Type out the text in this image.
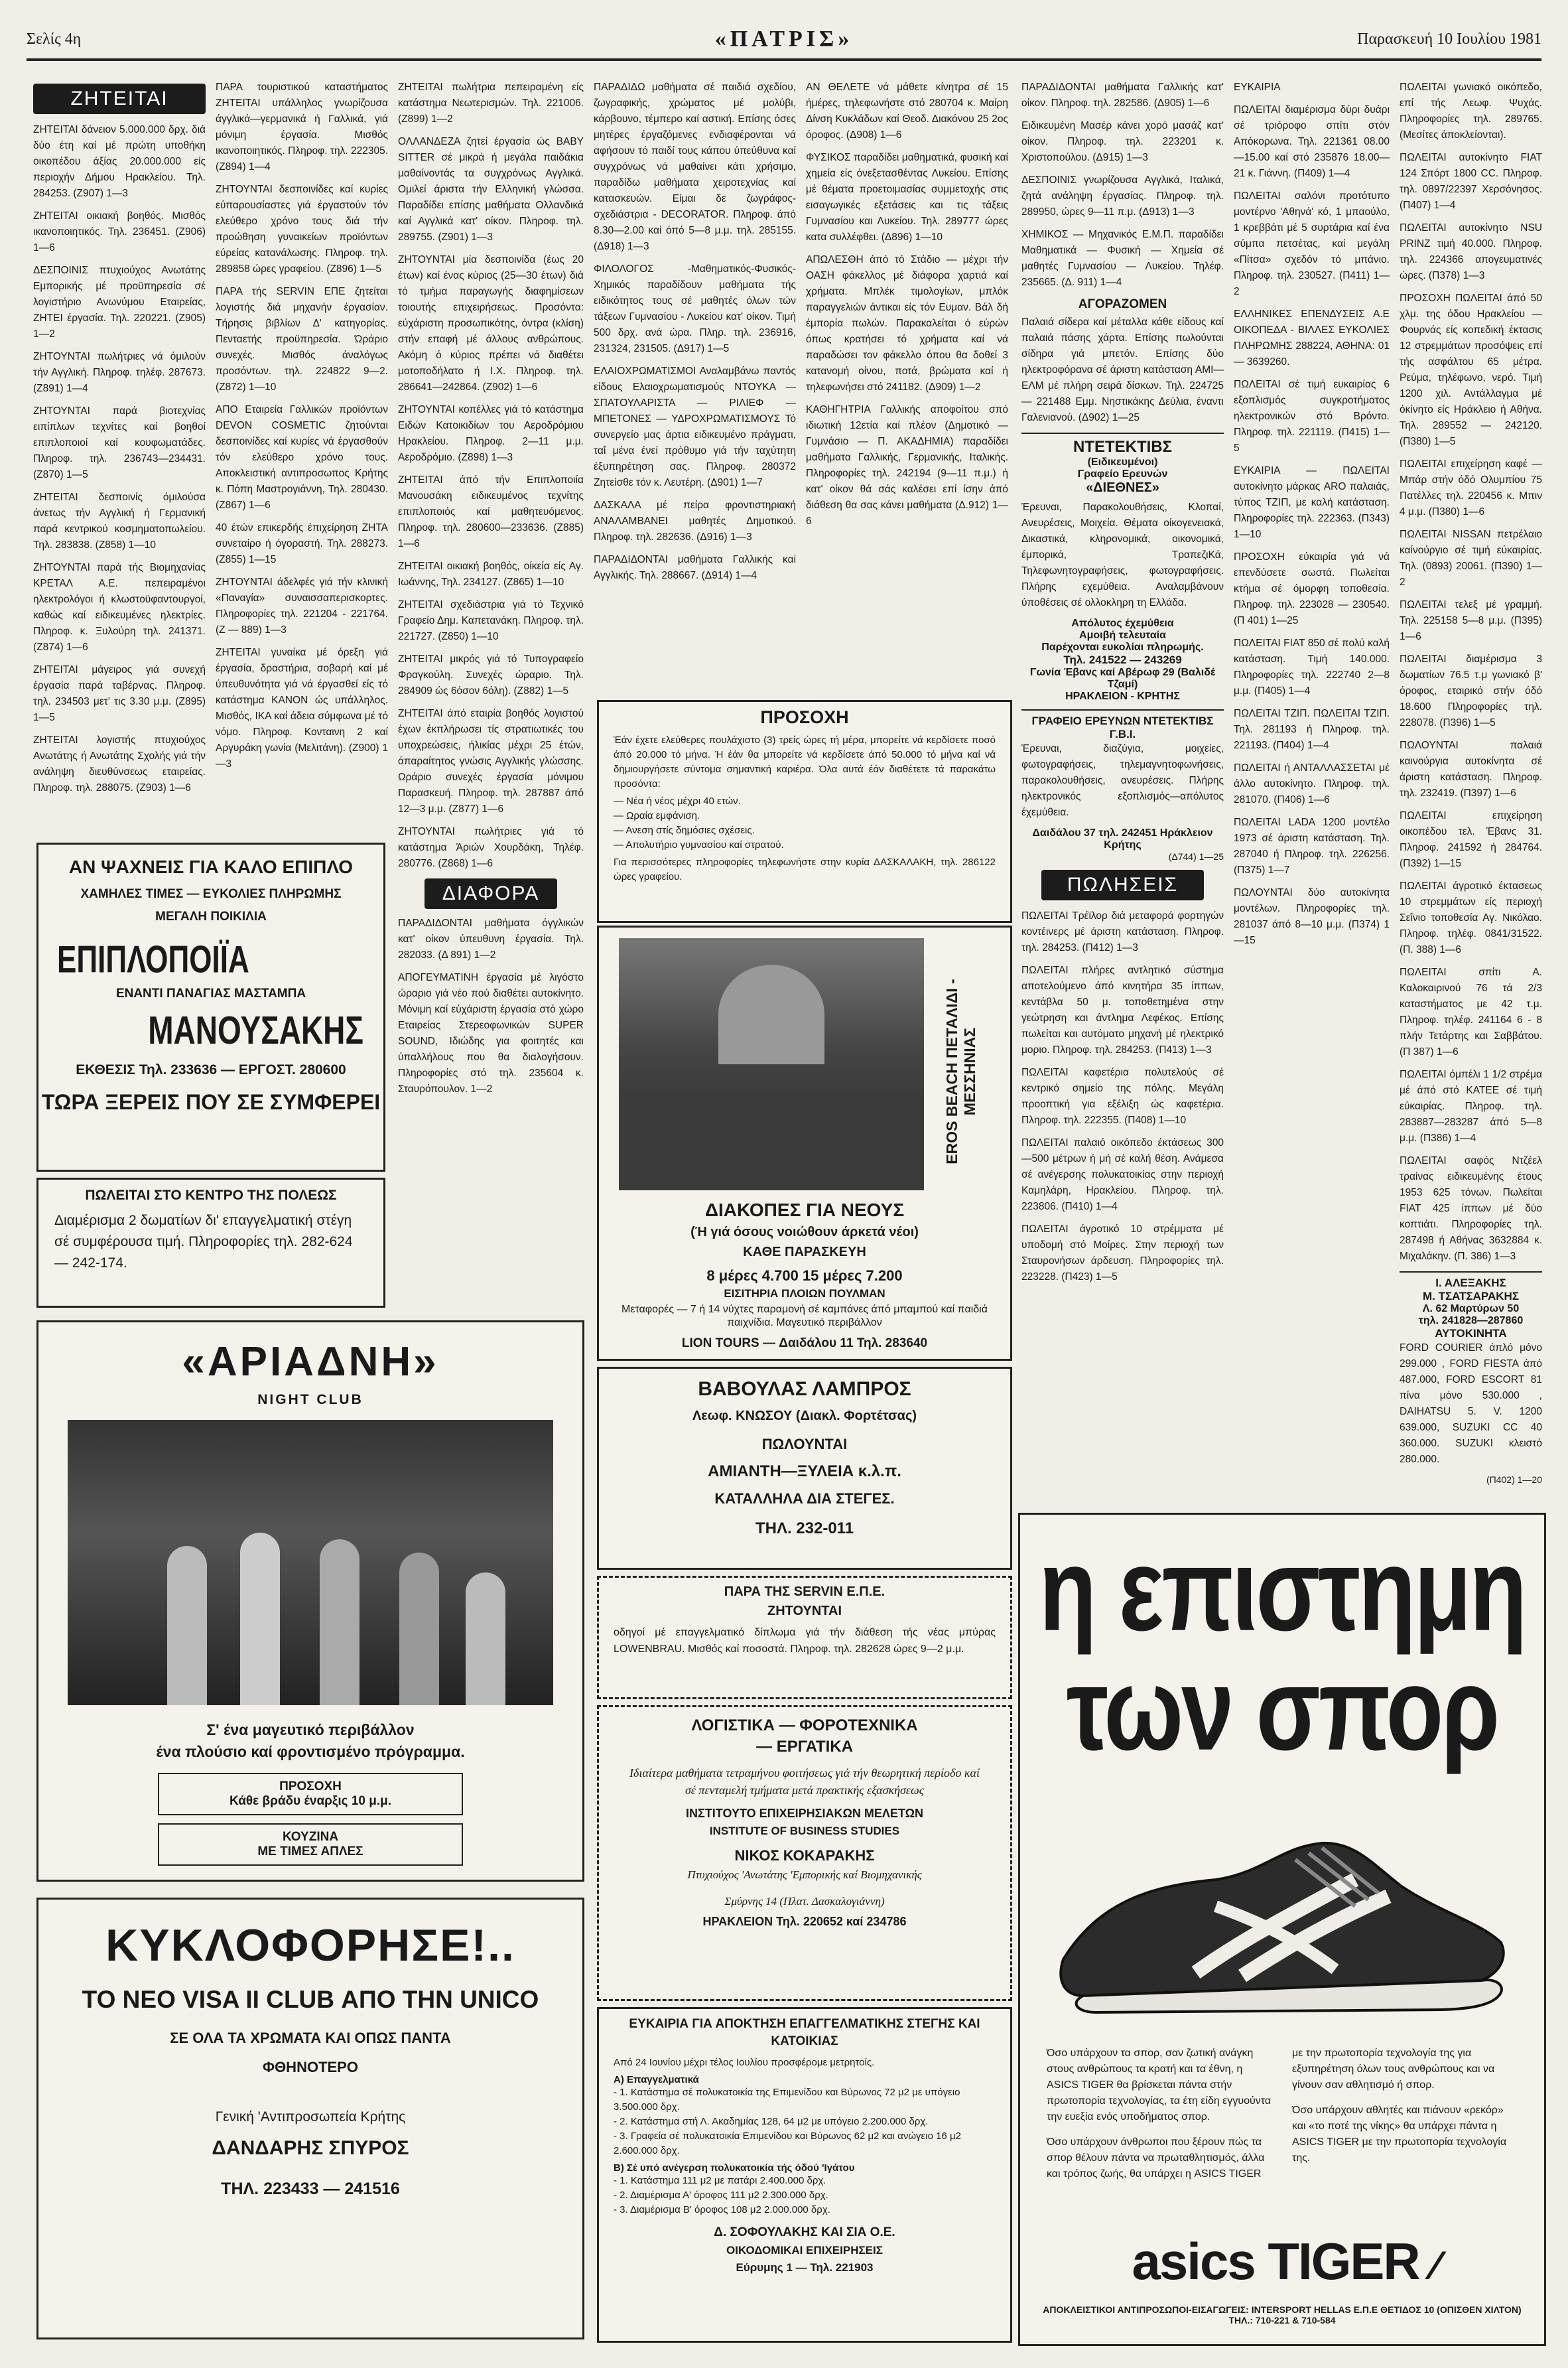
Σελίς 4η	«ΠΑΤΡΙΣ»	Παρασκευή 10 Ιουλίου 1981
ΖΗΤΕΙΤΑΙ

ΖΗΤΕΙΤΑΙ δάνειον 5.000.000 δρχ. διά δύο έτη καί μέ πρώτη υποθήκη οικοπέδου άξίας 20.000.000 είς περιοχήν Δήμου Ηρακλείου. Τηλ. 284253. (Ζ907) 1—3

ΖΗΤΕΙΤΑΙ οικιακή βοηθός. Μισθός ικανοποιητικός. Τηλ. 236451. (Ζ906) 1—6

ΔΕΣΠΟΙΝΙΣ πτυχιούχος Ανωτάτης Εμπορικής μέ προϋπηρεσία σέ λογιστήριο Ανωνύμου Εταιρείας, ΖΗΤΕΙ έργασία. Τηλ. 220221. (Ζ905) 1—2

ΖΗΤΟΥΝΤΑΙ πωλήτριες νά όμιλούν τήν Αγγλική. Πληροφ. τηλέφ. 287673. (Ζ891) 1—4

ΖΗΤΟΥΝΤΑΙ παρά βιοτεχνίας ειπίπλων τεχνίτες καί βοηθοί επιπλοποιοί καί κουφωματάδες. Πληροφ. τηλ. 236743—234431. (Ζ870) 1—5

ΖΗΤΕΙΤΑΙ δεσποινίς όμιλούσα άνετως τήν Αγγλική ή Γερμανική παρά κεντρικού κοσμηματοπωλείου. Τηλ. 283838. (Ζ858) 1—10

ΖΗΤΟΥΝΤΑΙ παρά τής Βιομηχανίας ΚΡΕΤΑΛ Α.Ε. πεπειραμένοι ηλεκτρολόγοι ή κλωστοϋφαντουργοί, καθώς καί ειδικευμένες ηλεκτρίες. Πληροφ. κ. Ξυλούρη τηλ. 241371. (Ζ874) 1—6

ΖΗΤΕΙΤΑΙ μάγειρος γιά συνεχή έργασία παρά ταβέρνας. Πληροφ. τηλ. 234503 μετ' τις 3.30 μ.μ. (Ζ895) 1—5

ΖΗΤΕΙΤΑΙ λογιστής πτυχιούχος Ανωτάτης ή Ανωτάτης Σχολής γιά τήν ανάληψη διευθύνσεως εταιρείας. Πληροφ. τηλ. 288075. (Ζ903) 1—6

ΠΑΡΑ τουριστικού καταστήματος ΖΗΤΕΙΤΑΙ υπάλληλος γνωρίζουσα άγγλικά—γερμανικά ή Γαλλικά, γιά μόνιμη έργασία. Μισθός ικανοποιητικός. Πληροφ. τηλ. 222305. (Ζ894) 1—4

ΖΗΤΟΥΝΤΑΙ δεσποινίδες καί κυρίες εύπαρουσίαστες γιά έργαστούν τόν ελεύθερο χρόνο τους διά τήν προώθηση γυναικείων προϊόντων εύρείας κατανάλωσης. Πληροφ. τηλ. 289858 ώρες γραφείου. (Ζ896) 1—5

ΠΑΡΑ τής SERVIN ΕΠΕ ζητείται λογιστής διά μηχανήν έργασίαν. Τήρησις βιβλίων Δ' κατηγορίας. Πενταετής προϋπηρεσία. Ώράριο συνεχές. Μισθός άναλόγως προσόντων. τηλ. 224822 9—2. (Ζ872) 1—10

ΑΠΟ Εταιρεία Γαλλικών προϊόντων DEVON COSMETIC ζητούνται δεσποινίδες καί κυρίες νά έργασθούν τόν ελεύθερο χρόνο τους. Αποκλειστική αντιπροσωπος Κρήτης κ. Πόπη Μαστρογιάννη, Τηλ. 280430. (Ζ867) 1—6

40 έτών επικερδής έπιχείρηση ΖΗΤΑ συνεταίρο ή όγοραστή. Τηλ. 288273. (Ζ855) 1—15

ΖΗΤΟΥΝΤΑΙ άδελφές γιά τήν κλινική «Παναγία» συναισσαπερισκορτες. Πληροφορίες τηλ. 221204 - 221764. (Ζ — 889) 1—3

ΖΗΤΕΙΤΑΙ γυναίκα μέ όρεξη γιά έργασία, δραστήρια, σοβαρή καί μέ ύπευθυνότητα γιά νά έργασθεί είς τό κατάστημα ΚΑΝΟΝ ώς υπάλληλος. Μισθός, ΙΚΑ καί άδεια σύμφωνα μέ τό νόμο. Πληροφ. Κονταινη 2 καί Αργυράκη γωνία (Μελιτάνη). (Ζ900) 1—3

ΖΗΤΕΙΤΑΙ πωλήτρια πεπειραμένη είς κατάστημα Νεωτερισμών. Τηλ. 221006. (Ζ899) 1—2

ΟΛΛΑΝΔΕΖΑ ζητεί έργασία ώς BABY SITTER σέ μικρά ή μεγάλα παιδάκια μαθαίνοντάς τα συγχρόνως Αγγλικά. Ομιλεί άριστα τήν Ελληνική γλώσσα. Παραδίδει επίσης μαθήματα Ολλανδικά καί Αγγλικά κατ' οίκον. Πληροφ. τηλ. 289755. (Ζ901) 1—3

ΖΗΤΟΥΝΤΑΙ μία δεσποινίδα (έως 20 έτων) καί ένας κύριος (25—30 έτων) διά τό τμήμα παραγωγής διαφημίσεων τοιουτής επιχειρήσεως. Προσόντα: εύχάριστη προσωπικότης, όντρα (κλίση) στήν επαφή μέ άλλους ανθρώπους. Ακόμη ό κύριος πρέπει νά διαθέτει μοτοποδήλατο ή I.X. Πληροφ. τηλ. 286641—242864. (Ζ902) 1—6

ΖΗΤΟΥΝΤΑΙ κοπέλλες γιά τό κατάστημα Ειδών Κατοικιδίων του Αεροδρόμιου Ηρακλείου. Πληροφ. 2—11 μ.μ. Αεροδρόμιο. (Ζ898) 1—3

ΖΗΤΕΙΤΑΙ άπό τήν Επιπλοποιία Μανουσάκη ειδικευμένος τεχνίτης επιπλοποιός καί μαθητευόμενος. Πληροφ. τηλ. 280600—233636. (Ζ885) 1—6

ΖΗΤΕΙΤΑΙ οικιακή βοηθός, οίκεία είς Αγ. Ιωάννης, Τηλ. 234127. (Ζ865) 1—10

ΖΗΤΕΙΤΑΙ σχεδιάστρια γιά τό Τεχνικό Γραφείο Δημ. Καπετανάκη. Πληροφ. τηλ. 221727. (Ζ850) 1—10

ΖΗΤΕΙΤΑΙ μικρός γιά τό Τυπογραφείο Φραγκούλη. Συνεχές ώραριο. Τηλ. 284909 ώς 6όσον 6όλη). (Ζ882) 1—5

ΖΗΤΕΙΤΑΙ άπό εταιρία βοηθός λογιστού έχων έκπλήρωσει τίς στρατιωτικές του υποχρεώσεις, ήλικίας μέχρι 25 έτών, άπαραίτητος γνώσις Αγγλικής γλώσσης. Ωράριο συνεχές έργασία μόνιμου Παρασκευή. Πληροφ. τηλ. 287887 άπό 12—3 μ.μ. (Ζ877) 1—6

ΖΗΤΟΥΝΤΑΙ πωλήτριες γιά τό κατάστημα Άριών Χουρδάκη, Τηλέφ. 280776. (Ζ868) 1—6

ΔΙΑΦΟΡΑ

ΠΑΡΑΔΙΔΟΝΤΑΙ μαθήματα όγγλικών κατ' οίκον ύπευθυνη έργασία. Τηλ. 282033. (Δ 891) 1—2

ΑΠΟΓΕΥΜΑΤΙΝΗ έργασία μέ λιγόστο ώραριο γιά νέο πού διαθέτει αυτοκίνητο. Μόνιμη καί εύχάριστη έργασία στό χώρο Εταιρείας Στερεοφωνικών SUPER SOUND, Ιδιώδης για φοιτητές και ύπαλλήλους που θα διαλογήσουν. Πληροφορίες στό τηλ. 235604 κ. Σταυρόπουλον. 1—2

ΠΑΡΑΔΙΔΩ μαθήματα σέ παιδιά σχεδίου, ζωγραφικής, χρώματος μέ μολύβι, κάρβουνο, τέμπερο καί αστική. Επίσης όσες μητέρες έργαζόμενες ενδιαφέρονται νά αφήσουν τό παιδί τους κάπου ύπεύθυνα καί συγχρόνως νά μαθαίνει κάτι χρήσιμο, παραδίδω μαθήματα χειροτεχνίας καί κατασκευών. Είμαι δε ζωγράφος-σχεδιάστρια - DECORATOR. Πληροφ. άπό 8.30—2.00 καί όπό 5—8 μ.μ. τηλ. 285155. (Δ918) 1—3

ΦΙΛΟΛΟΓΟΣ -Μαθηματικός-Φυσικός-Χημικός παραδίδουν μαθήματα τής ειδικότητος τους σέ μαθητές όλων τών τάξεων Γυμνασίου - Λυκείου κατ' οίκον. Τιμή 500 δρχ. ανά ώρα. Πληρ. τηλ. 236916, 231324, 231505. (Δ917) 1—5

ΕΛΑΙΟΧΡΩΜΑΤΙΣΜΟΙ Αναλαμβάνω παντός είδους Ελαιοχρωματισμούς ΝΤΟΥΚΑ — ΣΠΑΤΟΥΛΑΡΙΣΤΑ — ΡΙΛΙΕΦ — ΜΠΕΤΟΝΕΣ — ΥΔΡΟΧΡΩΜΑΤΙΣΜΟΥΣ Τό συνεργείο μας άρτια ειδικευμένο πράγματι, ταΐ μένα ένεί πρόθυμο γιά τήν ταχύτητη έξυπηρέτηση σας. Πληροφ. 280372 Ζητείσθε τόν κ. Λευτέρη. (Δ901) 1—7

ΔΑΣΚΑΛΑ μέ πείρα φροντιστηριακή ΑΝΑΛΑΜΒΑΝΕΙ μαθητές Δημοτικού. Πληροφ. τηλ. 282636. (Δ916) 1—3

ΠΑΡΑΔΙΔΟΝΤΑΙ μαθήματα Γαλλικής καί Αγγλικής. Τηλ. 288667. (Δ914) 1—4

ΑΝ ΘΕΛΕΤΕ νά μάθετε κίνητρα σέ 15 ήμέρες, τηλεφωνήστε στό 280704 κ. Μαίρη Δίνση Κυκλάδων καί Θεοδ. Διακόνου 25 2ος όροφος. (Δ908) 1—6

ΦΥΣΙΚΟΣ παραδίδει μαθηματικά, φυσική καί χημεία είς όνεξετασθέντας Λυκείου. Επίσης μέ θέματα προετοιμασίας συμμετοχής στις εισαγωγικές εξετάσεις και τις τάξεις Γυμνασίου και Λυκείου. Τηλ. 289777 ώρες κατα συλλέφθει. (Δ896) 1—10

ΑΠΩΛΕΣΘΗ άπό τό Στάδιο — μέχρι τήν ΟΑΣΗ φάκελλος μέ διάφορα χαρτιά καί χρήματα. Μπλέκ τιμολογίων, μπλόκ παραγγελιών άντικαι είς τόν Ευμαν. Βάλ δή έμπορία πωλών. Παρακαλείται ό εύρών όπως κρατήσει τό χρήματα καί νά παραδώσει τον φάκελλο όπου θα δοθεί 3 κατανομή οίνου, ποτά, βρώματα καί ή τηλεφωνήσει στό 241182. (Δ909) 1—2

ΚΑΘΗΓΗΤΡΙΑ Γαλλικής αποφοίτου σπό ιδιωτική 12ετία καί πλέον (Δημοτικό — Γυμνάσιο — Π. ΑΚΑΔΗΜΙΑ) παραδίδει μαθήματα Γαλλικής, Γερμανικής, Ιταλικής. Πληροφορίες τηλ. 242194 (9—11 π.μ.) ή κατ' οίκον θά σάς καλέσει επί ίσην άπό διάθεση θα σας κάνει μαθήματα (Δ.912) 1—6

ΠΑΡΑΔΙΔΟΝΤΑΙ μαθήματα Γαλλικής κατ' οίκον. Πληροφ. τηλ. 282586. (Δ905) 1—6

Ειδικευμένη Μασέρ κάνει χορό μασάζ κατ' οίκον. Πληροφ. τηλ. 223201 κ. Χριστοπούλου. (Δ915) 1—3

ΔΕΣΠΟΙΝΙΣ γνωρίζουσα Αγγλικά, Ιταλικά, ζητά ανάληψη έργασίας. Πληροφ. τηλ. 289950, ώρες 9—11 π.μ. (Δ913) 1—3

ΧΗΜΙΚΟΣ — Μηχανικός Ε.Μ.Π. παραδίδει Μαθηματικά — Φυσική — Χημεία σέ μαθητές Γυμνασίου — Λυκείου. Τηλέφ. 235665. (Δ. 911) 1—4

ΑΓΟΡΑΖΟΜΕΝ

Παλαιά σίδερα καί μέταλλα κάθε είδους καί παλαιά πάσης χάρτα. Επίσης πωλούνται σίδηρα γιά μπετόν. Επίσης δύο ηλεκτροφόρανα σέ άριστη κατάσταση ΑΜΙ—ΕΛΜ μέ πλήρη σειρά δίσκων. Τηλ. 224725 — 221488 Εμμ. Νηστικάκης Δεύλια, έναντι Γαλενιανού. (Δ902) 1—25

ΝΤΕΤΕΚΤΙΒΣ
(Ειδικευμένοι)
Γραφείο Ερευνών
«ΔΙΕΘΝΕΣ»

Έρευναι, Παρακολουθήσεις, Κλοπαί, Ανευρέσεις, Μοιχεία. Θέματα οίκογενειακά, Δικαστικά, κληρονομικά, οικονομικά, έμπορικά, ΤραπεζιΚά, Τηλεφωνητογραφήσεις, φωτογραφήσεις. Πλήρης εχεμύθεια. Αναλαμβάνουν ύποθέσεις σέ ολλοκληρη τη Ελλάδα.

Απόλυτος έχεμύθεια
Αμοιβή τελευταία
Παρέχονται ευκολίαι πληρωμής.
Τηλ. 241522 — 243269
Γωνία Έβανς καί Αβέρωφ 29 (Βαλιδέ Τζαμί)
ΗΡΑΚΛΕΙΟΝ - ΚΡΗΤΗΣ
ΓΡΑΦΕΙΟ ΕΡΕΥΝΩΝ ΝΤΕΤΕΚΤΙΒΣ Γ.Β.Ι.

Έρευναι, διαζύγια, μοιχείες, φωτογραφήσεις, τηλεμαγνητοφωνήσεις, παρακολουθήσεις, ανευρέσεις. Πλήρης ηλεκτρονικός εξοπλισμός—απόλυτος έχεμύθεια.

Δαιδάλου 37 τηλ. 242451 Ηράκλειον Κρήτης
(Δ744) 1—25
ΠΩΛΗΣΕΙΣ

ΠΩΛΕΙΤΑΙ Τρέϊλορ διά μεταφορά φορτηγών κοντέινερς μέ άριστη κατάσταση. Πληροφ. τηλ. 284253. (Π412) 1—3

ΠΩΛΕΙΤΑΙ πλήρες αντλητικό σύστημα αποτελούμενο άπό κινητήρα 35 ίππων, κεντάβλα 50 μ. τοποθετημένα στην γεώτρηση και άντλημα Λεφέκος. Επίσης πωλείται και αυτόματο μηχανή μέ ηλεκτρικό μοριο. Πληροφ. τηλ. 284253. (Π413) 1—3

ΠΩΛΕΙΤΑΙ καφετέρια πολυτελούς σέ κεντρικό σημείο της πόλης. Μεγάλη προοπτική για εξέλιξη ώς καφετέρια. Πληροφ. τηλ. 222355. (Π408) 1—10

ΠΩΛΕΙΤΑΙ παλαιό οικόπεδο έκτάσεως 300—500 μέτρων ή μή σέ καλή θέση. Ανάμεσα σέ ανέγερσης πολυκατοικίας στην περιοχή Καμηλάρη, Ηρακλείου. Πληροφ. τηλ. 223806. (Π410) 1—4

ΠΩΛΕΙΤΑΙ άγροτικό 10 στρέμματα μέ υποδομή στό Μοίρες. Στην περιοχή των Σταυρονήσων άρδευση. Πληροφορίες τηλ. 223228. (Π423) 1—5

ΕΥΚΑΙΡΙΑ

ΠΩΛΕΙΤΑΙ διαμέρισμα δύρι δυάρι σέ τριόροφο σπίτι στόν Απόκορωνα. Τηλ. 221361 08.00—15.00 καί στό 235876 18.00—21 κ. Γιάννη. (Π409) 1—4

ΠΩΛΕΙΤΑΙ σαλόνι προτότυπο μοντέρνο 'Αθηνά' κό, 1 μπαούλο, 1 κρεββάτι μέ 5 συρτάρια καί ένα σύμπα πετσέτας, καί μεγάλη «Πίτσα» σχεδόν τό μπάνιο. Πληροφ. τηλ. 230527. (Π411) 1—2

ΕΛΛΗΝΙΚΕΣ ΕΠΕΝΔΥΣΕΙΣ Α.Ε ΟΙΚΟΠΕΔΑ - ΒΙΛΛΕΣ ΕΥΚΟΛΙΕΣ ΠΛΗΡΩΜΗΣ 288224, ΑΘΗΝΑ: 01 — 3639260.

ΠΩΛΕΙΤΑΙ σέ τιμή ευκαιρίας 6 εξοπλισμός συγκροτήματος ηλεκτρονικών στό Βρόντο. Πληροφ. τηλ. 221119. (Π415) 1—5

ΕΥΚΑΙΡΙΑ — ΠΩΛΕΙΤΑΙ αυτοκίνητο μάρκας ARO παλαιάς, τύπος ΤΖΙΠ, με καλή κατάσταση. Πληροφορίες τηλ. 222363. (Π343) 1—10

ΠΡΟΣΟΧΗ εύκαιρία γιά νά επενδύσετε σωστά. Πωλείται κτήμα σέ όμορφη τοποθεσία. Πληροφ. τηλ. 223028 — 230540. (Π 401) 1—25

ΠΩΛΕΙΤΑΙ FIAT 850 σέ πολύ καλή κατάσταση. Τιμή 140.000. Πληροφορίες τηλ. 222740 2—8 μ.μ. (Π405) 1—4

ΠΩΛΕΙΤΑΙ ΤΖΙΠ. ΠΩΛΕΙΤΑΙ ΤΖΙΠ. Τηλ. 281193 ή Πληροφ. τηλ. 221193. (Π404) 1—4

ΠΩΛΕΙΤΑΙ ή ΑΝΤΑΛΛΑΣΣΕΤΑΙ μέ άλλο αυτοκίνητο. Πληροφ. τηλ. 281070. (Π406) 1—6

ΠΩΛΕΙΤΑΙ LADA 1200 μοντέλο 1973 σέ άριστη κατάσταση. Τηλ. 287040 ή Πληροφ. τηλ. 226256. (Π375) 1—7

ΠΩΛΟΥΝΤΑΙ δύο αυτοκίνητα μοντέλων. Πληροφορίες τηλ. 281037 άπό 8—10 μ.μ. (Π374) 1—15

ΠΩΛΕΙΤΑΙ γωνιακό οικόπεδο, επί τής Λεωφ. Ψυχάς. Πληροφορίες τηλ. 289765. (Μεσίτες άποκλείονται).

ΠΩΛΕΙΤΑΙ αυτοκίνητο FIAT 124 Σπόρτ 1800 CC. Πληροφ. τηλ. 0897/22397 Χερσόνησος. (Π407) 1—4

ΠΩΛΕΙΤΑΙ αυτοκίνητο NSU PRINZ τιμή 40.000. Πληροφ. τηλ. 224366 απογευματινές ώρες. (Π378) 1—3

ΠΡΟΣΟΧΗ ΠΩΛΕΙΤΑΙ άπό 50 χλμ. της όδου Ηρακλείου — Φουρνάς είς κοπεδική έκτασις 12 στρεμμάτων προσόψεις επί τής ασφάλτου 65 μέτρα. Ρεύμα, τηλέφωνο, νερό. Τιμή 1200 χιλ. Αντάλλαγμα μέ όκίνητο είς Ηράκλειο ή Αθήνα. Τηλ. 289552 — 242120. (Π380) 1—5

ΠΩΛΕΙΤΑΙ επιχείρηση καφέ — Μπάρ στήν όδό Ολυμπίου 75 Πατέλλες τηλ. 220456 κ. Μπιν 4 μ.μ. (Π380) 1—6

ΠΩΛΕΙΤΑΙ NISSAN πετρέλαιο καίνούργιο σέ τιμή εύκαιρίας. Τηλ. (0893) 20061. (Π390) 1—2

ΠΩΛΕΙΤΑΙ τελεξ μέ γραμμή. Τηλ. 225158 5—8 μ.μ. (Π395) 1—6

ΠΩΛΕΙΤΑΙ διαμέρισμα 3 δωματίων 76.5 τ.μ γωνιακό β' όροφος, εταιρικό στήν όδό 18.600 Πληροφορίες τηλ. 228078. (Π396) 1—5

ΠΩΛΟΥΝΤΑΙ παλαιά καινούργια αυτοκίνητα σέ άριστη κατάσταση. Πληροφ. τηλ. 232419. (Π397) 1—6

ΠΩΛΕΙΤΑΙ επιχείρηση οικοπέδου τελ. Έβανς 31. Πληροφ. 241592 ή 284764. (Π392) 1—15

ΠΩΛΕΙΤΑΙ άγροτικό έκτασεως 10 στρεμμάτων είς περιοχή Σεΐνιο τοποθεσία Αγ. Νικόλαο. Πληροφ. τηλέφ. 0841/31522. (Π. 388) 1—6

ΠΩΛΕΙΤΑΙ σπίτι Α. Καλοκαιρινού 76 τά 2/3 καταστήματος με 42 τ.μ. Πληροφ. τηλέφ. 241164 6 - 8 πλήν Τετάρτης και Σαββάτου. (Π 387) 1—6

ΠΩΛΕΙΤΑΙ όμπέλι 1 1/2 στρέμα μέ άπό στό ΚΑΤΕΕ σέ τιμή εύκαιρίας. Πληροφ. τηλ. 283887—283287 άπό 5—8 μ.μ. (Π386) 1—4

ΠΩΛΕΙΤΑΙ σαφός Ντζέελ τραίνας ειδικευμένης έτους 1953 625 τόνων. Πωλείται FIAT 425 ίππων μέ δύο κοπτιάτι. Πληροφορίες τηλ. 287498 ή Αθήνας 3632884 κ. Μιχαλάκην. (Π. 386) 1—3

Ι. ΑΛΕΞΑΚΗΣ
Μ. ΤΣΑΤΣΑΡΑΚΗΣ
Λ. 62 Μαρτύρων 50
τηλ. 241828—287860
ΑΥΤΟΚΙΝΗΤΑ

FORD COURIER άπλό μόνο 299.000 , FORD FIESTA άπό 487.000, FORD ESCORT 81 πίνα μόνο 530.000 , DAIHATSU 5. V. 1200 639.000, SUZUKI CC 40 360.000. SUZUKI κλειστό 280.000.

(Π402) 1—20
ΑΝ ΨΑΧΝΕΙΣ ΓΙΑ ΚΑΛΟ ΕΠΙΠΛΟ
ΧΑΜΗΛΕΣ ΤΙΜΕΣ — ΕΥΚΟΛΙΕΣ ΠΛΗΡΩΜΗΣ
ΜΕΓΑΛΗ ΠΟΙΚΙΛΙΑ
ΕΠΙΠΛΟΠΟΙΪΑ
ΕΝΑΝΤΙ ΠΑΝΑΓΙΑΣ ΜΑΣΤΑΜΠΑ
ΜΑΝΟΥΣΑΚΗΣ
ΕΚΘΕΣΙΣ Τηλ. 233636 — ΕΡΓΟΣΤ. 280600
ΤΩΡΑ ΞΕΡΕΙΣ ΠΟΥ ΣΕ ΣΥΜΦΕΡΕΙ
ΠΩΛΕΙΤΑΙ ΣΤΟ ΚΕΝΤΡΟ ΤΗΣ ΠΟΛΕΩΣ
Διαμέρισμα 2 δωματίων δι' επαγγελματική στέγη σέ συμφέρουσα τιμή. Πληροφορίες τηλ. 282-624 — 242-174.
«ΑΡΙΑΔΝΗ»
NIGHT CLUB
Σ' ένα μαγευτικό περιβάλλον
ένα πλούσιο καί φροντισμένο πρόγραμμα.
ΠΡΟΣΟΧΗ
Κάθε βράδυ έναρξις 10 μ.μ.
ΚΟΥΖΙΝΑ
ΜΕ ΤΙΜΕΣ ΑΠΛΕΣ
ΚΥΚΛΟΦΟΡΗΣΕ!..
ΤΟ ΝΕΟ VISA II CLUB ΑΠΟ ΤΗΝ UNICO
ΣΕ ΟΛΑ ΤΑ ΧΡΩΜΑΤΑ ΚΑΙ ΟΠΩΣ ΠΑΝΤΑ
ΦΘΗΝΟΤΕΡΟ
Γενική 'Αντιπροσωπεία Κρήτης
ΔΑΝΔΑΡΗΣ ΣΠΥΡΟΣ
ΤΗΛ. 223433 — 241516
ΠΡΟΣΟΧΗ
Έάν έχετε ελεύθερες πουλάχιστο (3) τρείς ώρες τή μέρα, μπορείτε νά κερδίσετε ποσό άπό 20.000 τό μήνα. Ή έάν θα μπορείτε νά κερδίσετε άπό 50.000 τό μήνα καί νά δημιουργήσετε σύντομα σημαντική καριέρα. Όλα αυτά έάν διαθέτετε τά παρακάτω προσόντα:
— Νέα ή νέος μέχρι 40 ετών.
— Ωραία εμφάνιση.
— Ανεση στίς δημόσιες σχέσεις.
— Απολυτήριο γυμνασίου καί στρατού.
Για περισσότερες πληροφορίες τηλεφωνήστε στην κυρία ΔΑΣΚΑΛΑΚΗ, τηλ. 286122 ώρες γραφείου.
EROS BEACH ΠΕΤΑΛΙΔΙ - ΜΕΣΣΗΝΙΑΣ
ΔΙΑΚΟΠΕΣ ΓΙΑ ΝΕΟΥΣ
(Ή γιά όσους νοιώθουν άρκετά νέοι)
ΚΑΘΕ ΠΑΡΑΣΚΕΥΗ
8 μέρες 4.700 15 μέρες 7.200
ΕΙΣΙΤΗΡΙΑ ΠΛΟΙΩΝ ΠΟΥΛΜΑΝ
Μεταφορές — 7 ή 14 νύχτες παραμονή σέ καμπάνες άπό μπαμπού καί παιδιά παιχνίδια. Μαγευτικό περιβάλλον
LION TOURS — Δαιδάλου 11 Τηλ. 283640
ΒΑΒΟΥΛΑΣ ΛΑΜΠΡΟΣ
Λεωφ. ΚΝΩΣΟΥ (Διακλ. Φορτέτσας)
ΠΩΛΟΥΝΤΑΙ
ΑΜΙΑΝΤΗ—ΞΥΛΕΙΑ κ.λ.π.
ΚΑΤΑΛΛΗΛΑ ΔΙΑ ΣΤΕΓΕΣ.
ΤΗΛ. 232-011
ΠΑΡΑ ΤΗΣ SERVIN Ε.Π.Ε.
ΖΗΤΟΥΝΤΑΙ
οδηγοί μέ επαγγελματικό δίπλωμα γιά τήν διάθεση τής νέας μπύρας LOWENBRAU. Μισθός καί ποσοστά. Πληροφ. τηλ. 282628 ώρες 9—2 μ.μ.
ΛΟΓΙΣΤΙΚΑ — ΦΟΡΟΤΕΧΝΙΚΑ
— ΕΡΓΑΤΙΚΑ
Ιδιαίτερα μαθήματα τετραμήνου φοιτήσεως γιά τήν θεωρητική περίοδο καί σέ πενταμελή τμήματα μετά πρακτικής εξασκήσεως
ΙΝΣΤΙΤΟΥΤΟ ΕΠΙΧΕΙΡΗΣΙΑΚΩΝ ΜΕΛΕΤΩΝ
INSTITUTE OF BUSINESS STUDIES
ΝΙΚΟΣ ΚΟΚΑΡΑΚΗΣ
Πτυχιούχος 'Ανωτάτης 'Εμπορικής καί Βιομηχανικής
Σμύρνης 14 (Πλατ. Δασκαλογιάννη)
ΗΡΑΚΛΕΙΟΝ Τηλ. 220652 καί 234786
ΕΥΚΑΙΡΙΑ ΓΙΑ ΑΠΟΚΤΗΣΗ ΕΠΑΓΓΕΛΜΑΤΙΚΗΣ ΣΤΕΓΗΣ ΚΑΙ ΚΑΤΟΙΚΙΑΣ
Από 24 Ιουνίου μέχρι τέλος Ιουλίου προσφέρομε μετρητοίς.
Α) Επαγγελματικά
- 1. Κατάστημα σέ πολυκατοικία της Επιμενίδου και Βύρωνος 72 μ2 με υπόγειο 3.500.000 δρχ.
- 2. Κατάστημα στή Λ. Ακαδημίας 128, 64 μ2 με υπόγειο 2.200.000 δρχ.
- 3. Γραφεία σέ πολυκατοικία Επιμενίδου και Βύρωνος 62 μ2 και ανώγειο 16 μ2 2.600.000 δρχ.
Β) Σέ υπό ανέγερση πολυκατοικία τής όδού 'Ιγάτου
- 1. Κατάστημα 111 μ2 με πατάρι 2.400.000 δρχ.
- 2. Διαμέρισμα Α' όροφος 111 μ2 2.300.000 δρχ.
- 3. Διαμέρισμα Β' όροφος 108 μ2 2.000.000 δρχ.
Δ. ΣΟΦΟΥΛΑΚΗΣ ΚΑΙ ΣΙΑ Ο.Ε.
ΟΙΚΟΔΟΜΙΚΑΙ ΕΠΙΧΕΙΡΗΣΕΙΣ
Εύρυμης 1 — Τηλ. 221903
η επιστημη
των σπορ

Όσο υπάρχουν τα σπορ, σαν ζωτική ανάγκη στους ανθρώπους τα κρατή και τα έθνη, η ASICS TIGER θα βρίσκεται πάντα στήν πρωτοπορία τεχνολογίας, τα έτη είδη εγγυούντα την ευεξία ενός υποδήματος σπορ.

Όσο υπάρχουν άνθρωποι που ξέρουν πώς τα σπορ θέλουν πάντα να πρωταθλητισμός, άλλα και τρόπος ζωής, θα υπάρχει η ASICS TIGER

με την πρωτοπορία τεχνολογία της για εξυπηρέτηση όλων τους ανθρώπους και να γίνουν σαν αθλητισμό ή σπορ.

Όσο υπάρχουν αθλητές και πιάνουν «ρεκόρ» και «το ποτέ της νίκης» θα υπάρχει πάντα η ASICS TIGER με την πρωτοπορία τεχνολογία της.

asics TIGER ⁄⁄⁄
ΑΠΟΚΛΕΙΣΤΙΚΟΙ ΑΝΤΙΠΡΟΣΩΠΟΙ-ΕΙΣΑΓΩΓΕΙΣ: INTERSPORT HELLAS Ε.Π.Ε ΘΕΤΙΔΟΣ 10 (ΟΠΙΣΘΕΝ ΧΙΛΤΟΝ) ΤΗΛ.: 710-221 & 710-584
